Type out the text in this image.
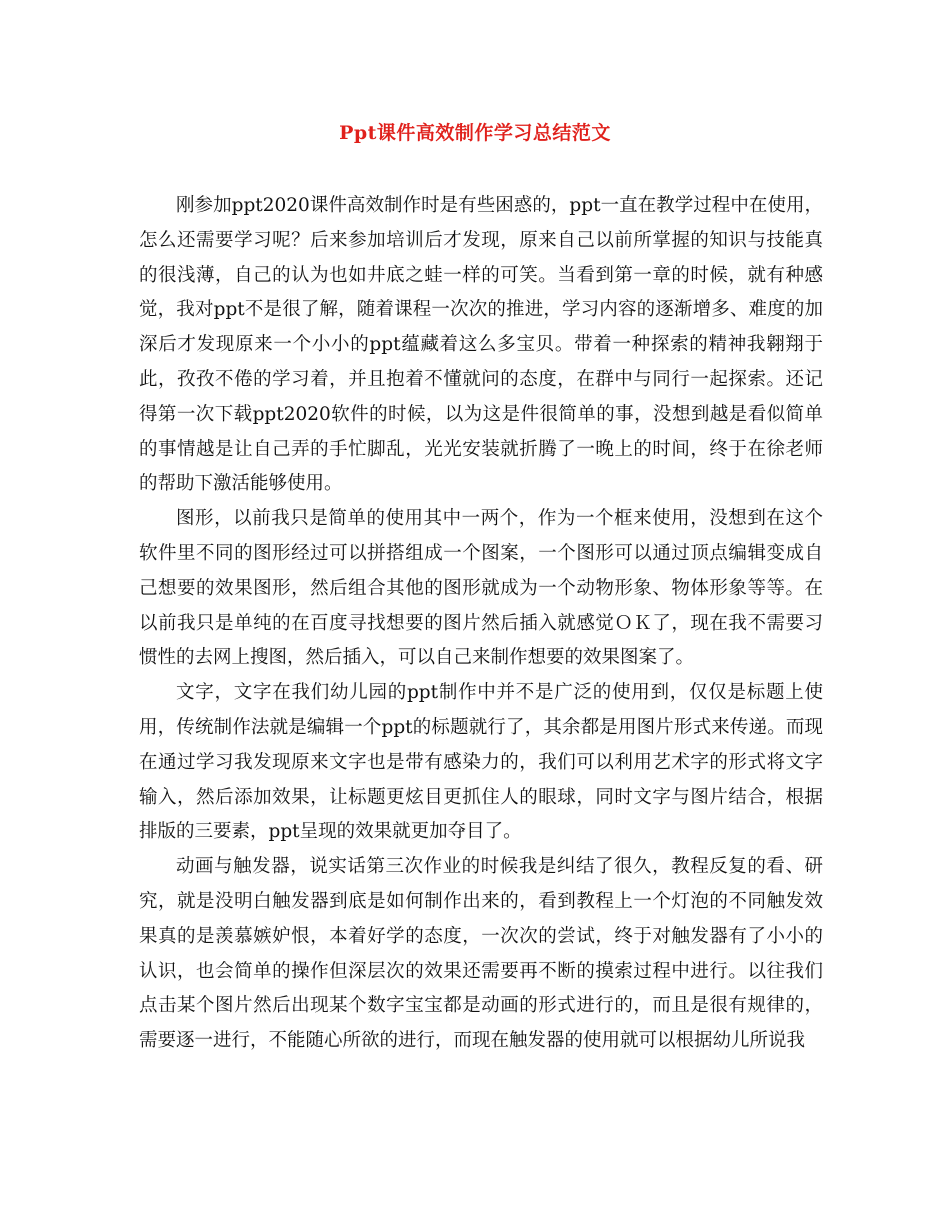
Ppt课件高效制作学习总结范文

刚参加ppt2020课件高效制作时是有些困惑的，ppt一直在教学过程中在使用，怎么还需要学习呢？后来参加培训后才发现，原来自己以前所掌握的知识与技能真的很浅薄，自己的认为也如井底之蛙一样的可笑。当看到第一章的时候，就有种感觉，我对ppt不是很了解，随着课程一次次的推进，学习内容的逐渐增多、难度的加深后才发现原来一个小小的ppt蕴藏着这么多宝贝。带着一种探索的精神我翱翔于此，孜孜不倦的学习着，并且抱着不懂就问的态度，在群中与同行一起探索。还记得第一次下载ppt2020软件的时候，以为这是件很简单的事，没想到越是看似简单的事情越是让自己弄的手忙脚乱，光光安装就折腾了一晚上的时间，终于在徐老师的帮助下激活能够使用。

图形，以前我只是简单的使用其中一两个，作为一个框来使用，没想到在这个软件里不同的图形经过可以拼搭组成一个图案，一个图形可以通过顶点编辑变成自己想要的效果图形，然后组合其他的图形就成为一个动物形象、物体形象等等。在以前我只是单纯的在百度寻找想要的图片然后插入就感觉ＯＫ了，现在我不需要习惯性的去网上搜图，然后插入，可以自己来制作想要的效果图案了。

文字，文字在我们幼儿园的ppt制作中并不是广泛的使用到，仅仅是标题上使用，传统制作法就是编辑一个ppt的标题就行了，其余都是用图片形式来传递。而现在通过学习我发现原来文字也是带有感染力的，我们可以利用艺术字的形式将文字输入，然后添加效果，让标题更炫目更抓住人的眼球，同时文字与图片结合，根据排版的三要素，ppt呈现的效果就更加夺目了。

动画与触发器，说实话第三次作业的时候我是纠结了很久，教程反复的看、研究，就是没明白触发器到底是如何制作出来的，看到教程上一个灯泡的不同触发效果真的是羡慕嫉妒恨，本着好学的态度，一次次的尝试，终于对触发器有了小小的认识，也会简单的操作但深层次的效果还需要再不断的摸索过程中进行。以往我们点击某个图片然后出现某个数字宝宝都是动画的形式进行的，而且是很有规律的，需要逐一进行，不能随心所欲的进行，而现在触发器的使用就可以根据幼儿所说我
